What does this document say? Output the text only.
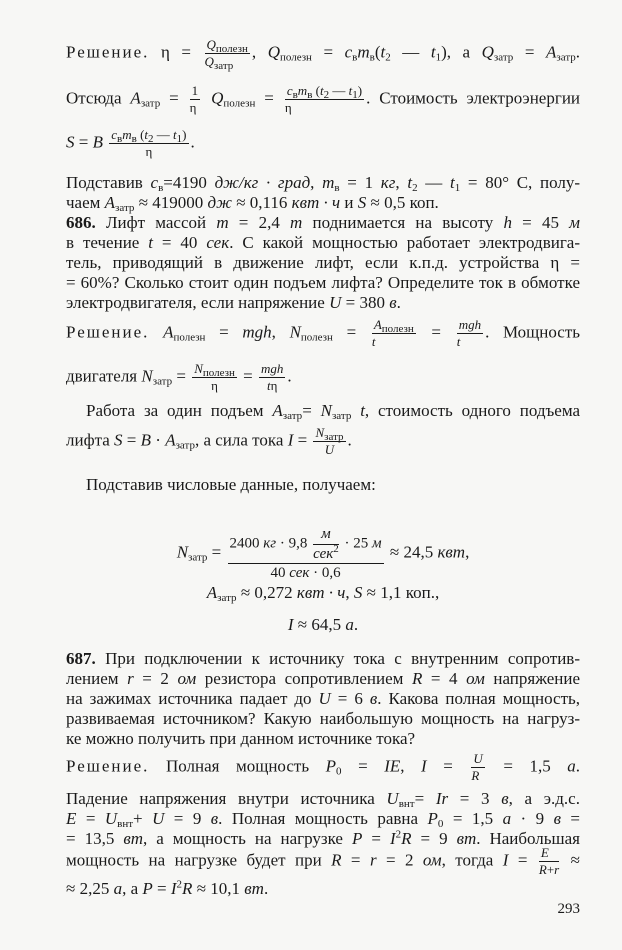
Решение. $\eta = \frac{Q_{полезн}}{Q_{затр}}$ , $Q_{полезн} = c_вm_в(t_2$ — $t_1$), а $Q_{затр} = A_{затр}$.
Отсюда $A_{затр} = \frac{1}{\eta} Q_{полезн} = \frac{c_вm_в (t_2 — t_1)}{\eta}$ . Стоимость электроэнергии
S = B $\frac{c_вm_в (t_2 — t_1)}{\eta}$ .
Подставив $c_в=4190$ дж/кг · град, $m_в = 1$ кг, $t_2$ — $t_1 = 80^\circ$ С, полу-
чаем $A_{затр} \approx 419000$ дж ≈ 0,116 квт · ч и S ≈ 0,5 коп.
686. Лифт массой m = 2,4 т поднимается на высоту h = 45 м
в течение t = 40 сек. С какой мощностью работает электродвига-
тель, приводящий в движение лифт, если к.п.д. устройства η =
= 60%? Сколько стоит один подъем лифта? Определите ток в обмотке
электродвигателя, если напряжение U = 380 в.
Решение. $A_{полезн}$ = mgh, $N_{полезн} = \frac{A_{полезн}}{t} = \frac{\text{mgh}}{t}$ . Мощность
двигателя $N_{затр} = \frac{N_{полезн}}{\eta} = \frac{\text{mgh}}{t\eta}$ .
Работа за один подъем $A_{затр}= N_{затр}$ t, стоимость одного подъема
лифта $S = B \cdot A_{затр}$, а сила тока $I = \frac{N_{затр}}{U}$ .
Подставив числовые данные, получаем:
$N_{затр} = \frac{2400 кг \cdot 9,8 \frac{м}{сек^2} \cdot 25 м}{\text{40 сек · 0,6}} \approx 24,5$ квт,
$A_{затр} \approx 0,272$ квт · ч, S ≈ 1,1 коп.,
I ≈ 64,5 а.
687. При подключении к источнику тока с внутренним сопротив-
лением r = 2 ом резистора сопротивлением R = 4 ом напряжение
на зажимах источника падает до U = 6 в. Какова полная мощность,
развиваемая источником? Какую наибольшую мощность на нагруз-
ке можно получить при данном источнике тока?
Решение. Полная мощность $P_0$ = IE, $I = \frac{U}{R} = 1,5$ а.
Падение напряжения внутри источника $U_{внт}= Ir = 3$ в, а э.д.с.
$E = U_{внт}+ U = 9$ в. Полная мощность равна $P_0 = 1,5$ а · 9 в =
= 13,5 вт, а мощность на нагрузке $P = I^2R = 9$ вт. Наибольшая
мощность на нагрузке будет при R = r = 2 ом, тогда $I = \frac{E}{R+r}$ ≈
≈ 2,25 а, а $P = I^2R \approx 10,1$ вт.
293
